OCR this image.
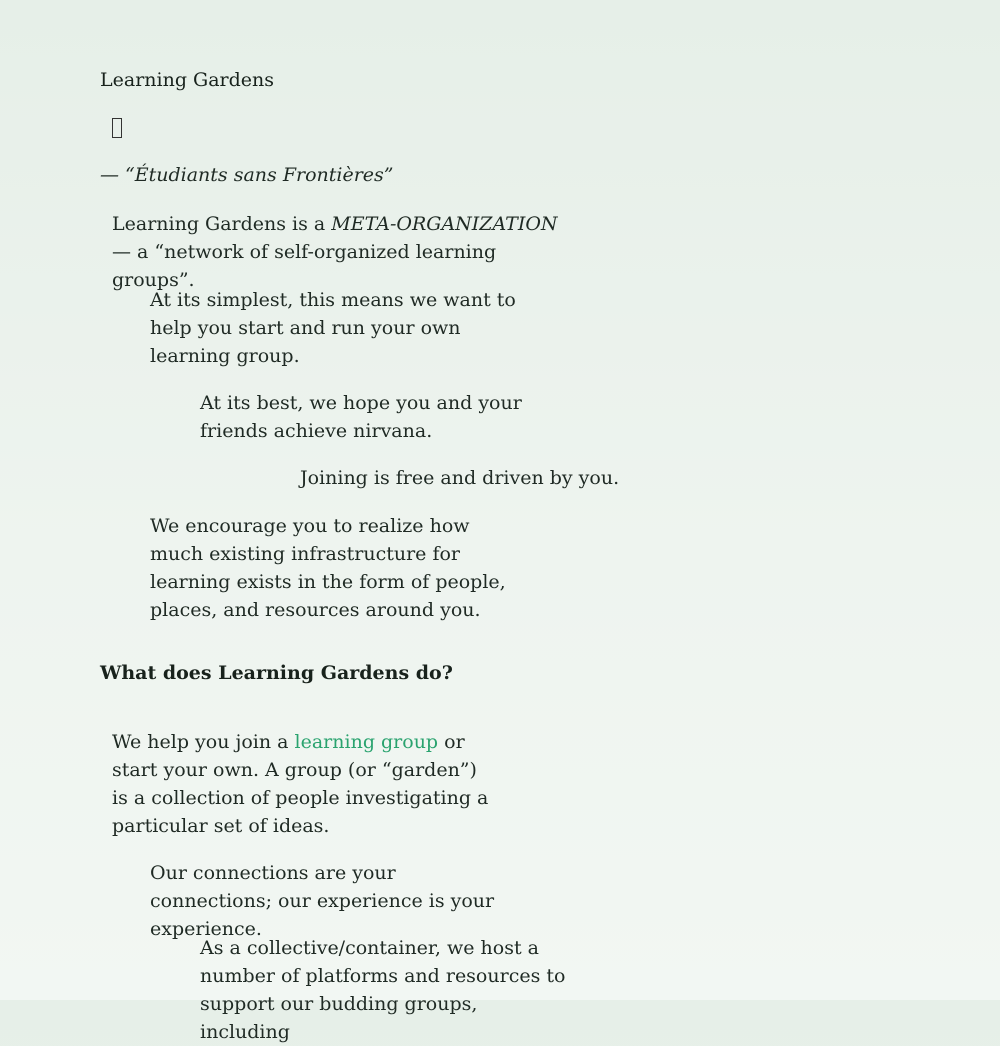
Learning Gardens

— “Étudiants sans Frontières”

Learning Gardens is a META-ORGANIZATION — a “network of self-organized learning groups”.

At its simplest, this means we want to help you start and run your own learning group.

At its best, we hope you and your friends achieve nirvana.

Joining is free and driven by you.

We encourage you to realize how much existing infrastructure for learning exists in the form of people, places, and resources around you.

What does Learning Gardens do?

We help you join a learning group or start your own. A group (or “garden”) is a collection of people investigating a particular set of ideas.

Our connections are your connections; our experience is your experience.

As a collective/container, we host a number of platforms and resources to support our budding groups, including
